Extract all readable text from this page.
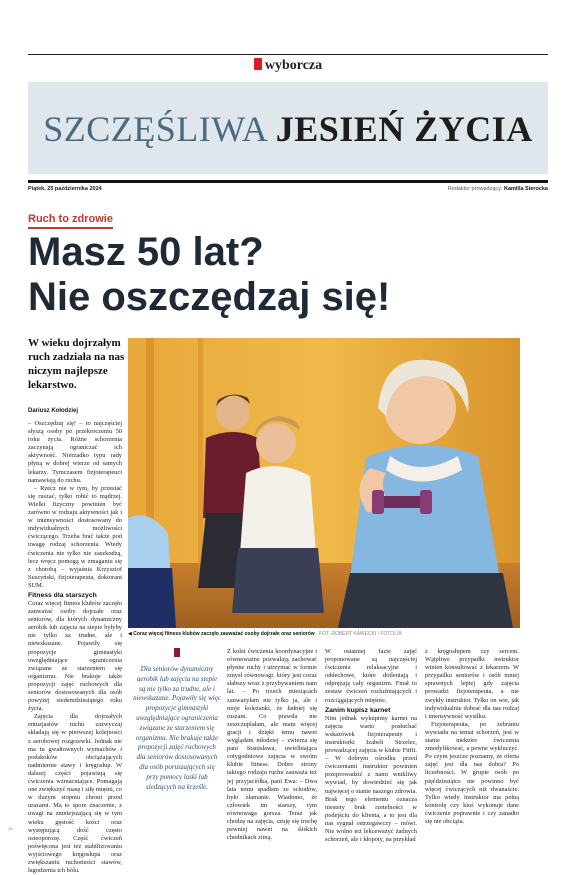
wyborcza
SZCZĘŚLIWA JESIEŃ ŻYCIA
Piątek, 25 października 2024	Redaktor prowadzący: Kamilla Sierocka
Ruch to zdrowie
Masz 50 lat?
Nie oszczędzaj się!

W wieku dojrzałym ruch zadziała na nas niczym najlepsze lekarstwo.

◀ Coraz więcej fitness klubów zaczęło zauważać osoby dojrzałe oraz seniorów FOT. ROBERT KAWECKI / FOTOLIA
Dariusz Kołodziej

– Oszczędzaj się! – to najczęściej słyszą osoby po przekroczeniu 50 roku życia. Różne schorzenia zaczynają ograniczać ich aktywność. Nierzadko typu rady płyną w dobrej wierze od samych lekarzy. Tymczasem fizjoterapeuci namawiają do ruchu.

– Rzecz nie w tym, by przestać się ruszać, tylko robić to mądrzej. Wielki fizyczny powinien być zarówno w rodzaju aktywności jak i w intensywności dostosowany do indywidualnych możliwości ćwiczącego. Trzeba brać także pod uwagę rodzaj schorzenia. Wtedy ćwiczenia nie tylko nie zaszkodzą, lecz wręcz pomogą w zmaganiu się z chorobą – wyjaśnia Krzysztof Suszyński, fizjoterapeuta, doktorant ŚUM.

Fitness dla starszych

Coraz więcej fitness klubów zaczęło zauważać osoby dojrzałe oraz seniorów, dla których dynamiczny aerobik lub zajęcia na stepie byłyby nie tylko za trudne, ale i niewskazane. Pojawiły się propozycje gimnastyki uwzględniające ograniczenia związane ze starzeniem się organizmu. Nie brakuje także propozycji zajęć ruchowych dla seniorów dostosowanych dla osób powyżej siedemdziesiątego roku życia.

Zajęcia dla dojrzałych entuzjastów ruchu zazwyczaj składają się w pierwszej kolejności z aerobowej rozgrzewki. Jednak nie ma tu gwałtownych wymachów i podskoków obciążających nadmiernie stawy i kręgosłup. W dalszej części pojawiają się ćwiczenia wzmacniające. Pomagają one zwiększyć masę i siłę mięśni, co w dużym stopniu chroni przed urazami. Ma to spore znaczenie, z uwagi na zmniejszającą się w tym wieku gęstość kości oraz występującą dość często osteoporozę. Część ćwiczeń poświęcona jest też stabilizowaniu wyjściowego kręgosłupa oraz zwiększaniu ruchomości stawów, łagodzenia ich bólu.

Dla seniorów dynamiczny aerobik lub zajęcia na stepie są nie tylko za trudne, ale i niewskazane. Pojawiły się więc propozycje gimnastyki uwzględniające ograniczenia związane ze starzeniem się organizmu. Nie brakuje także propozycji zajęć ruchowych dla seniorów dostosowanych dla osób poruszających się przy pomocy laski lub siedzących na krześle.

Z kolei ćwiczenia koordynacyjne i równoważne pozwalają zachować płynne ruchy i utrzymać w formie zmysł równowagi, który jest coraz słabszy wraz z przybywaniem nam lat. – Po trzech miesiącach zauważyłam nie tylko ja, ale i moje koleżanki, że ładniej się ruszam. Co prawda nie zeszczuplałam, ale mam więcej gracji i dzięki temu nawet wyglądam młodziej – zwierza się pani Stanisława, uwielbiająca cotygodniowe zajęcia w swoim klubie fitness. Dobre strony takiego rodzaju ruchu zauważa też jej przyjaciółka, pani Ewa: – Dwa lata temu spadłam ze schodów, było złamanie. Wiadomo, że człowiek im starszy, tym równowaga gorsza. Teraz jak chodzę na zajęcia, czuję się trochę pewniej nawet na śliskich chodnikach zimą.

W ostatniej fazie zajęć proponowane są najczęściej ćwiczenia relaksacyjne i oddechowe, które dotleniają i odprężają cały organizm. Finał to zestaw ćwiczeń rozluźniających i rozciągających mięśnie.

Zanim kupisz karnet

Nim jednak wykupimy karnet na zajęcia warto posłuchać wskazówek fizjoterapeuty i instruktorki Izabeli Strzelec, prowadzącej zajęcia w klubie Fitfit. – W dobrym ośrodku przed ćwiczeniami instruktor powinien przeprowadzić z nami wnikliwy wywiad, by dowiedzieć się jak najwięcej o stanie naszego zdrowia. Brak tego elementu oznacza niestety brak rzetelności w podejściu do klienta, a to jest dla nas sygnał ostrzegawczy – mówi. Nie wolno też lekceważyć żadnych schorzeń, ale i kłopoty, na przykład

z kręgosłupem czy sercem. Wątpliwe przypadki instruktor winien konsultować z lekarzem. W przypadku seniorów i osób mniej sprawnych lepiej gdy zajęcia prowadzi fizjoterapeuta, a nie zwykły instruktor. Tylko on wie, jak indywidualnie dobrać dla nas rodzaj i intensywność wysiłku.

Fizjoterapeuta, po zebraniu wywiadu na temat schorzeń, jest w stanie niektóre ćwiczenia zmodyfikować, a pewne wykluczyć. Po czym jeszcze poznamy, że oferta zajęć jest dla nas dobra? Po liczebności. W grupie osób po pięćdziesiątce nie powinno być więcej ćwiczących niż dwanaście. Tylko wtedy instruktor ma pełną kontrolę czy ktoś wykonuje dane ćwiczenie poprawnie i czy zanadto się nie obciąża.

16
